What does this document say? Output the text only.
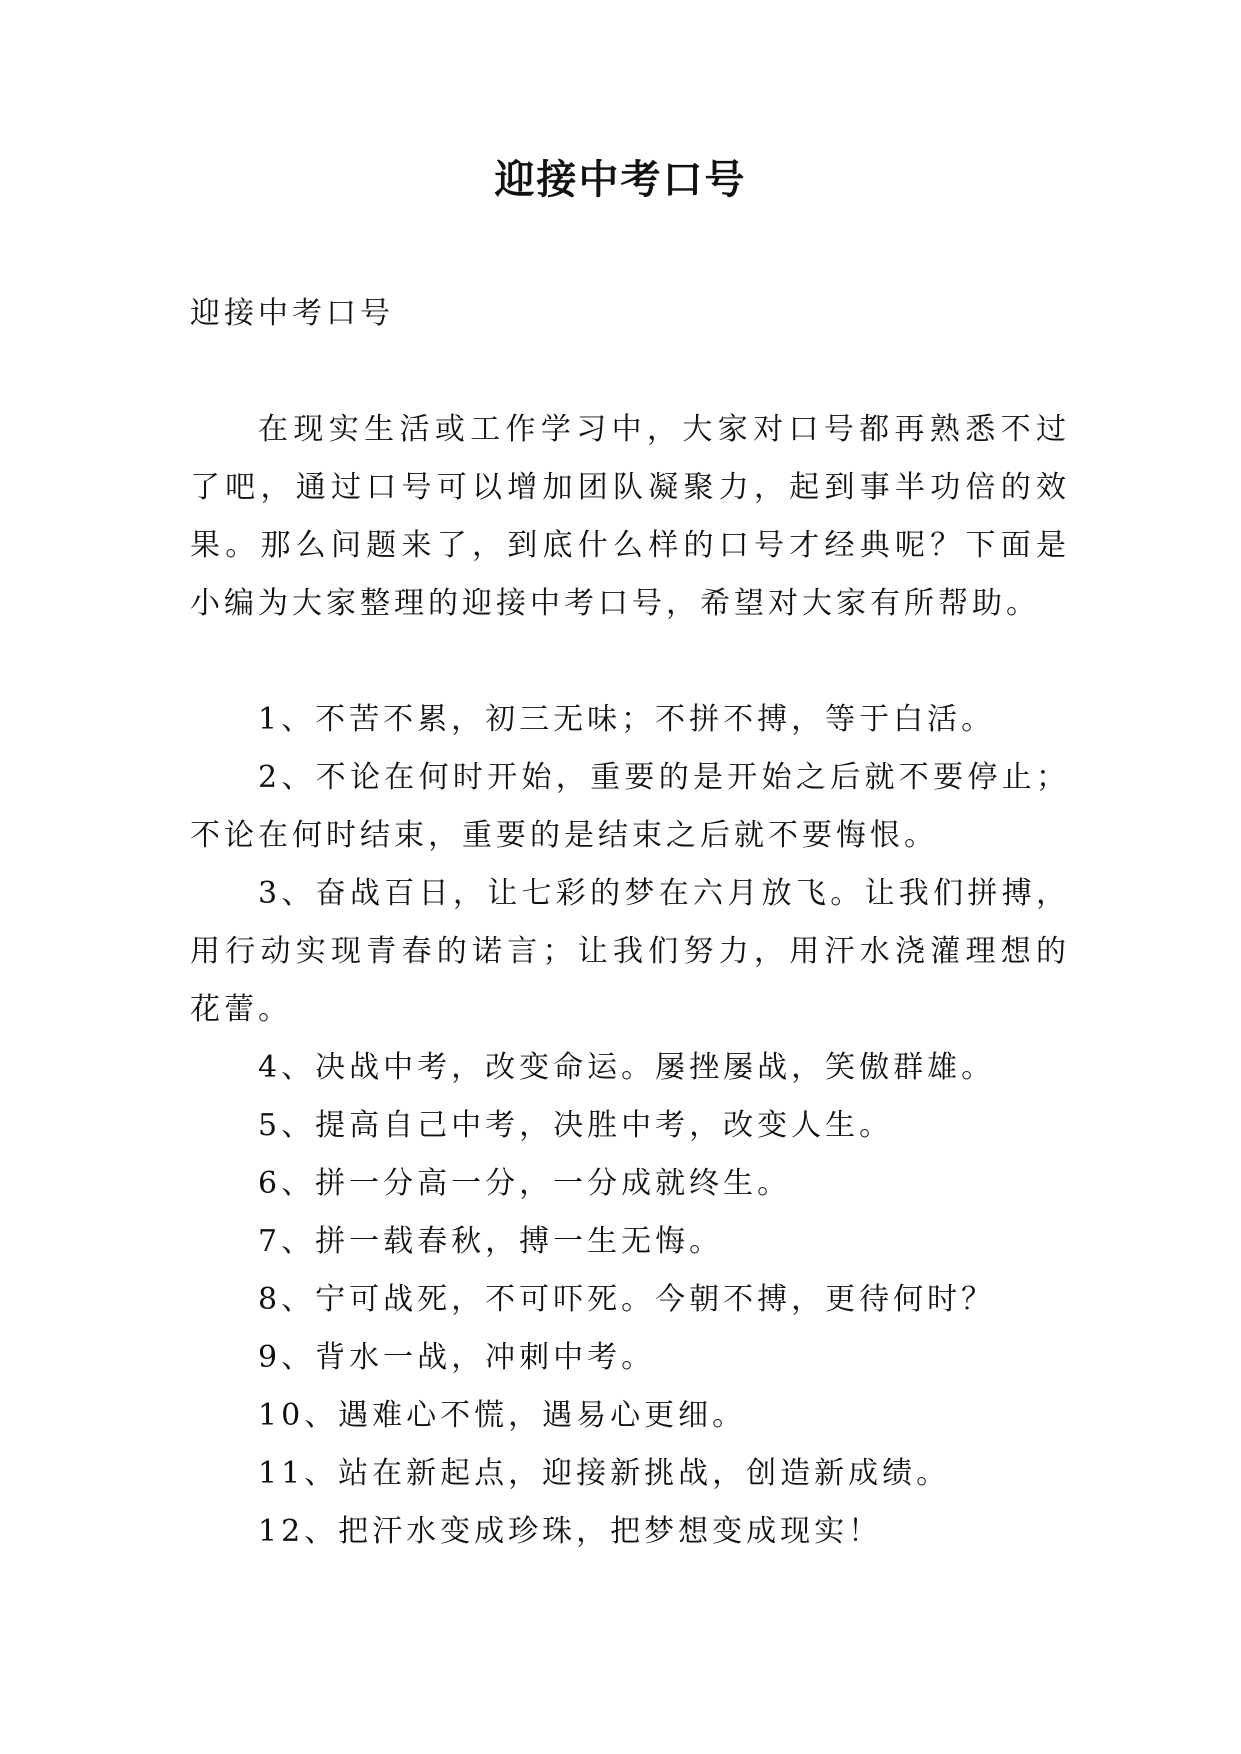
迎接中考口号

迎接中考口号

在现实生活或工作学习中，大家对口号都再熟悉不过了吧，通过口号可以增加团队凝聚力，起到事半功倍的效果。那么问题来了，到底什么样的口号才经典呢？下面是小编为大家整理的迎接中考口号，希望对大家有所帮助。

1、不苦不累，初三无味；不拼不搏，等于白活。
2、不论在何时开始，重要的是开始之后就不要停止；不论在何时结束，重要的是结束之后就不要悔恨。
3、奋战百日，让七彩的梦在六月放飞。让我们拼搏，用行动实现青春的诺言；让我们努力，用汗水浇灌理想的花蕾。
4、决战中考，改变命运。屡挫屡战，笑傲群雄。
5、提高自己中考，决胜中考，改变人生。
6、拼一分高一分，一分成就终生。
7、拼一载春秋，搏一生无悔。
8、宁可战死，不可吓死。今朝不搏，更待何时？
9、背水一战，冲刺中考。
10、遇难心不慌，遇易心更细。
11、站在新起点，迎接新挑战，创造新成绩。
12、把汗水变成珍珠，把梦想变成现实！
